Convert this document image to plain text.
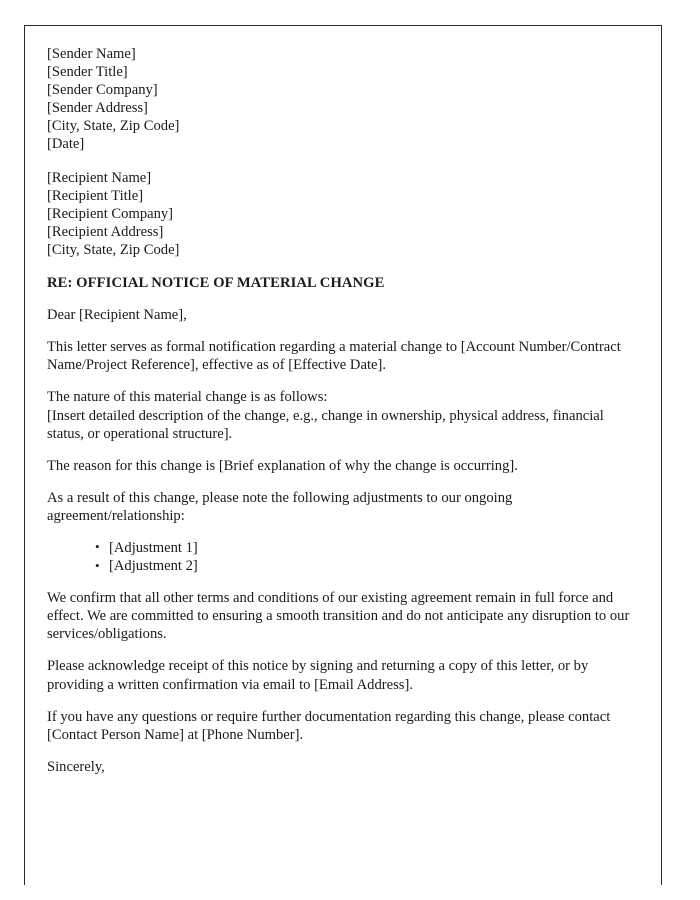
[Sender Name]
[Sender Title]
[Sender Company]
[Sender Address]
[City, State, Zip Code]
[Date]
[Recipient Name]
[Recipient Title]
[Recipient Company]
[Recipient Address]
[City, State, Zip Code]

RE: OFFICIAL NOTICE OF MATERIAL CHANGE

Dear [Recipient Name],

This letter serves as formal notification regarding a material change to [Account Number/Contract Name/Project Reference], effective as of [Effective Date].

The nature of this material change is as follows:

[Insert detailed description of the change, e.g., change in ownership, physical address, financial status, or operational structure].

The reason for this change is [Brief explanation of why the change is occurring].

As a result of this change, please note the following adjustments to our ongoing agreement/relationship:

• [Adjustment 1]
• [Adjustment 2]

We confirm that all other terms and conditions of our existing agreement remain in full force and effect. We are committed to ensuring a smooth transition and do not anticipate any disruption to our services/obligations.

Please acknowledge receipt of this notice by signing and returning a copy of this letter, or by providing a written confirmation via email to [Email Address].

If you have any questions or require further documentation regarding this change, please contact [Contact Person Name] at [Phone Number].

Sincerely,
